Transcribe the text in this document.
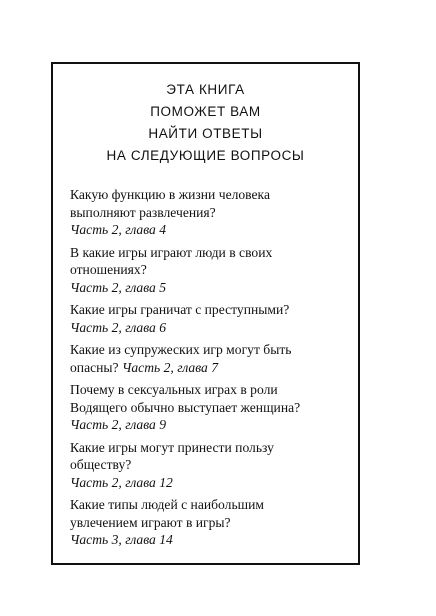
ЭТА КНИГА
ПОМОЖЕТ ВАМ
НАЙТИ ОТВЕТЫ
НА СЛЕДУЮЩИЕ ВОПРОСЫ
Какую функцию в жизни человека
выполняют развлечения?
Часть 2, глава 4
В какие игры играют люди в своих
отношениях?
Часть 2, глава 5
Какие игры граничат с преступными?
Часть 2, глава 6
Какие из супружеских игр могут быть
опасны? Часть 2, глава 7
Почему в сексуальных играх в роли
Водящего обычно выступает женщина?
Часть 2, глава 9
Какие игры могут принести пользу
обществу?
Часть 2, глава 12
Какие типы людей с наибольшим
увлечением играют в игры?
Часть 3, глава 14
